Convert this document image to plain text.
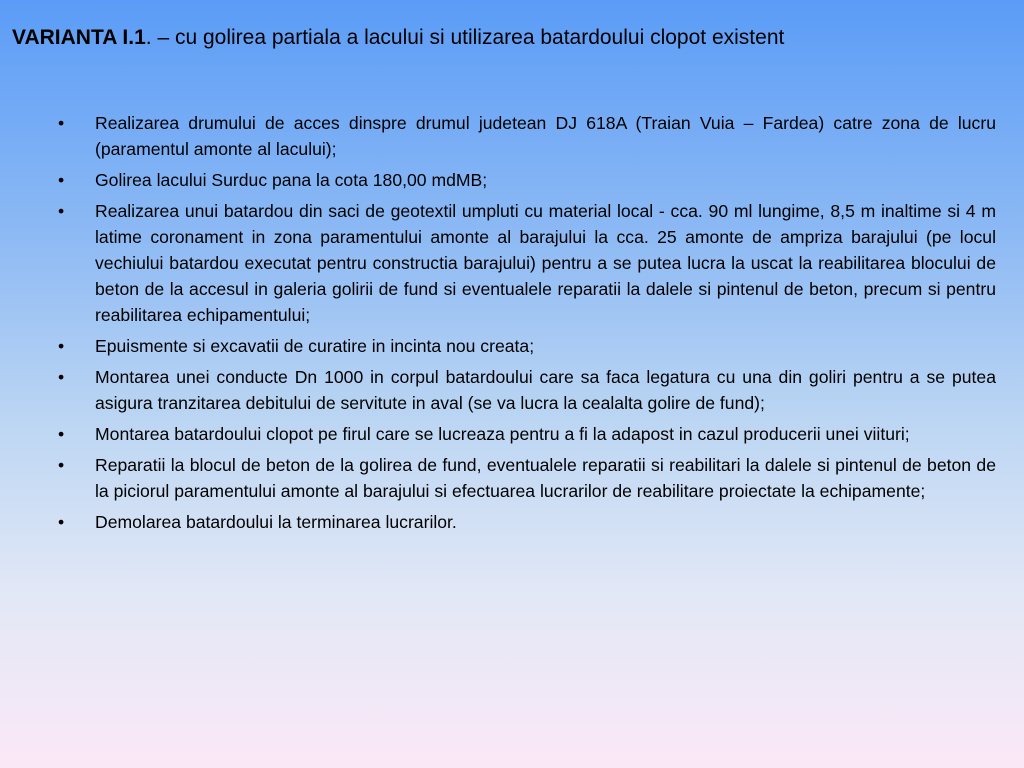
VARIANTA I.1. – cu golirea partiala a lacului si utilizarea batardoului clopot existent
• Realizarea drumului de acces dinspre drumul judetean DJ 618A (Traian Vuia – Fardea) catre zona de lucru (paramentul amonte al lacului);
• Golirea lacului Surduc pana la cota 180,00 mdMB;
• Realizarea unui batardou din saci de geotextil umpluti cu material local - cca. 90 ml lungime, 8,5 m inaltime si 4 m latime coronament in zona paramentului amonte al barajului la cca. 25 amonte de ampriza barajului (pe locul vechiului batardou executat pentru constructia barajului) pentru a se putea lucra la uscat la reabilitarea blocului de beton de la accesul in galeria golirii de fund si eventualele reparatii la dalele si pintenul de beton, precum si pentru reabilitarea echipamentului;
• Epuismente si excavatii de curatire in incinta nou creata;
• Montarea unei conducte Dn 1000 in corpul batardoului care sa faca legatura cu una din goliri pentru a se putea asigura tranzitarea debitului de servitute in aval (se va lucra la cealalta golire de fund);
• Montarea batardoului clopot pe firul care se lucreaza pentru a fi la adapost in cazul producerii unei viituri;
• Reparatii la blocul de beton de la golirea de fund, eventualele reparatii si reabilitari la dalele si pintenul de beton de la piciorul paramentului amonte al barajului si efectuarea lucrarilor de reabilitare proiectate la echipamente;
• Demolarea batardoului la terminarea lucrarilor.
